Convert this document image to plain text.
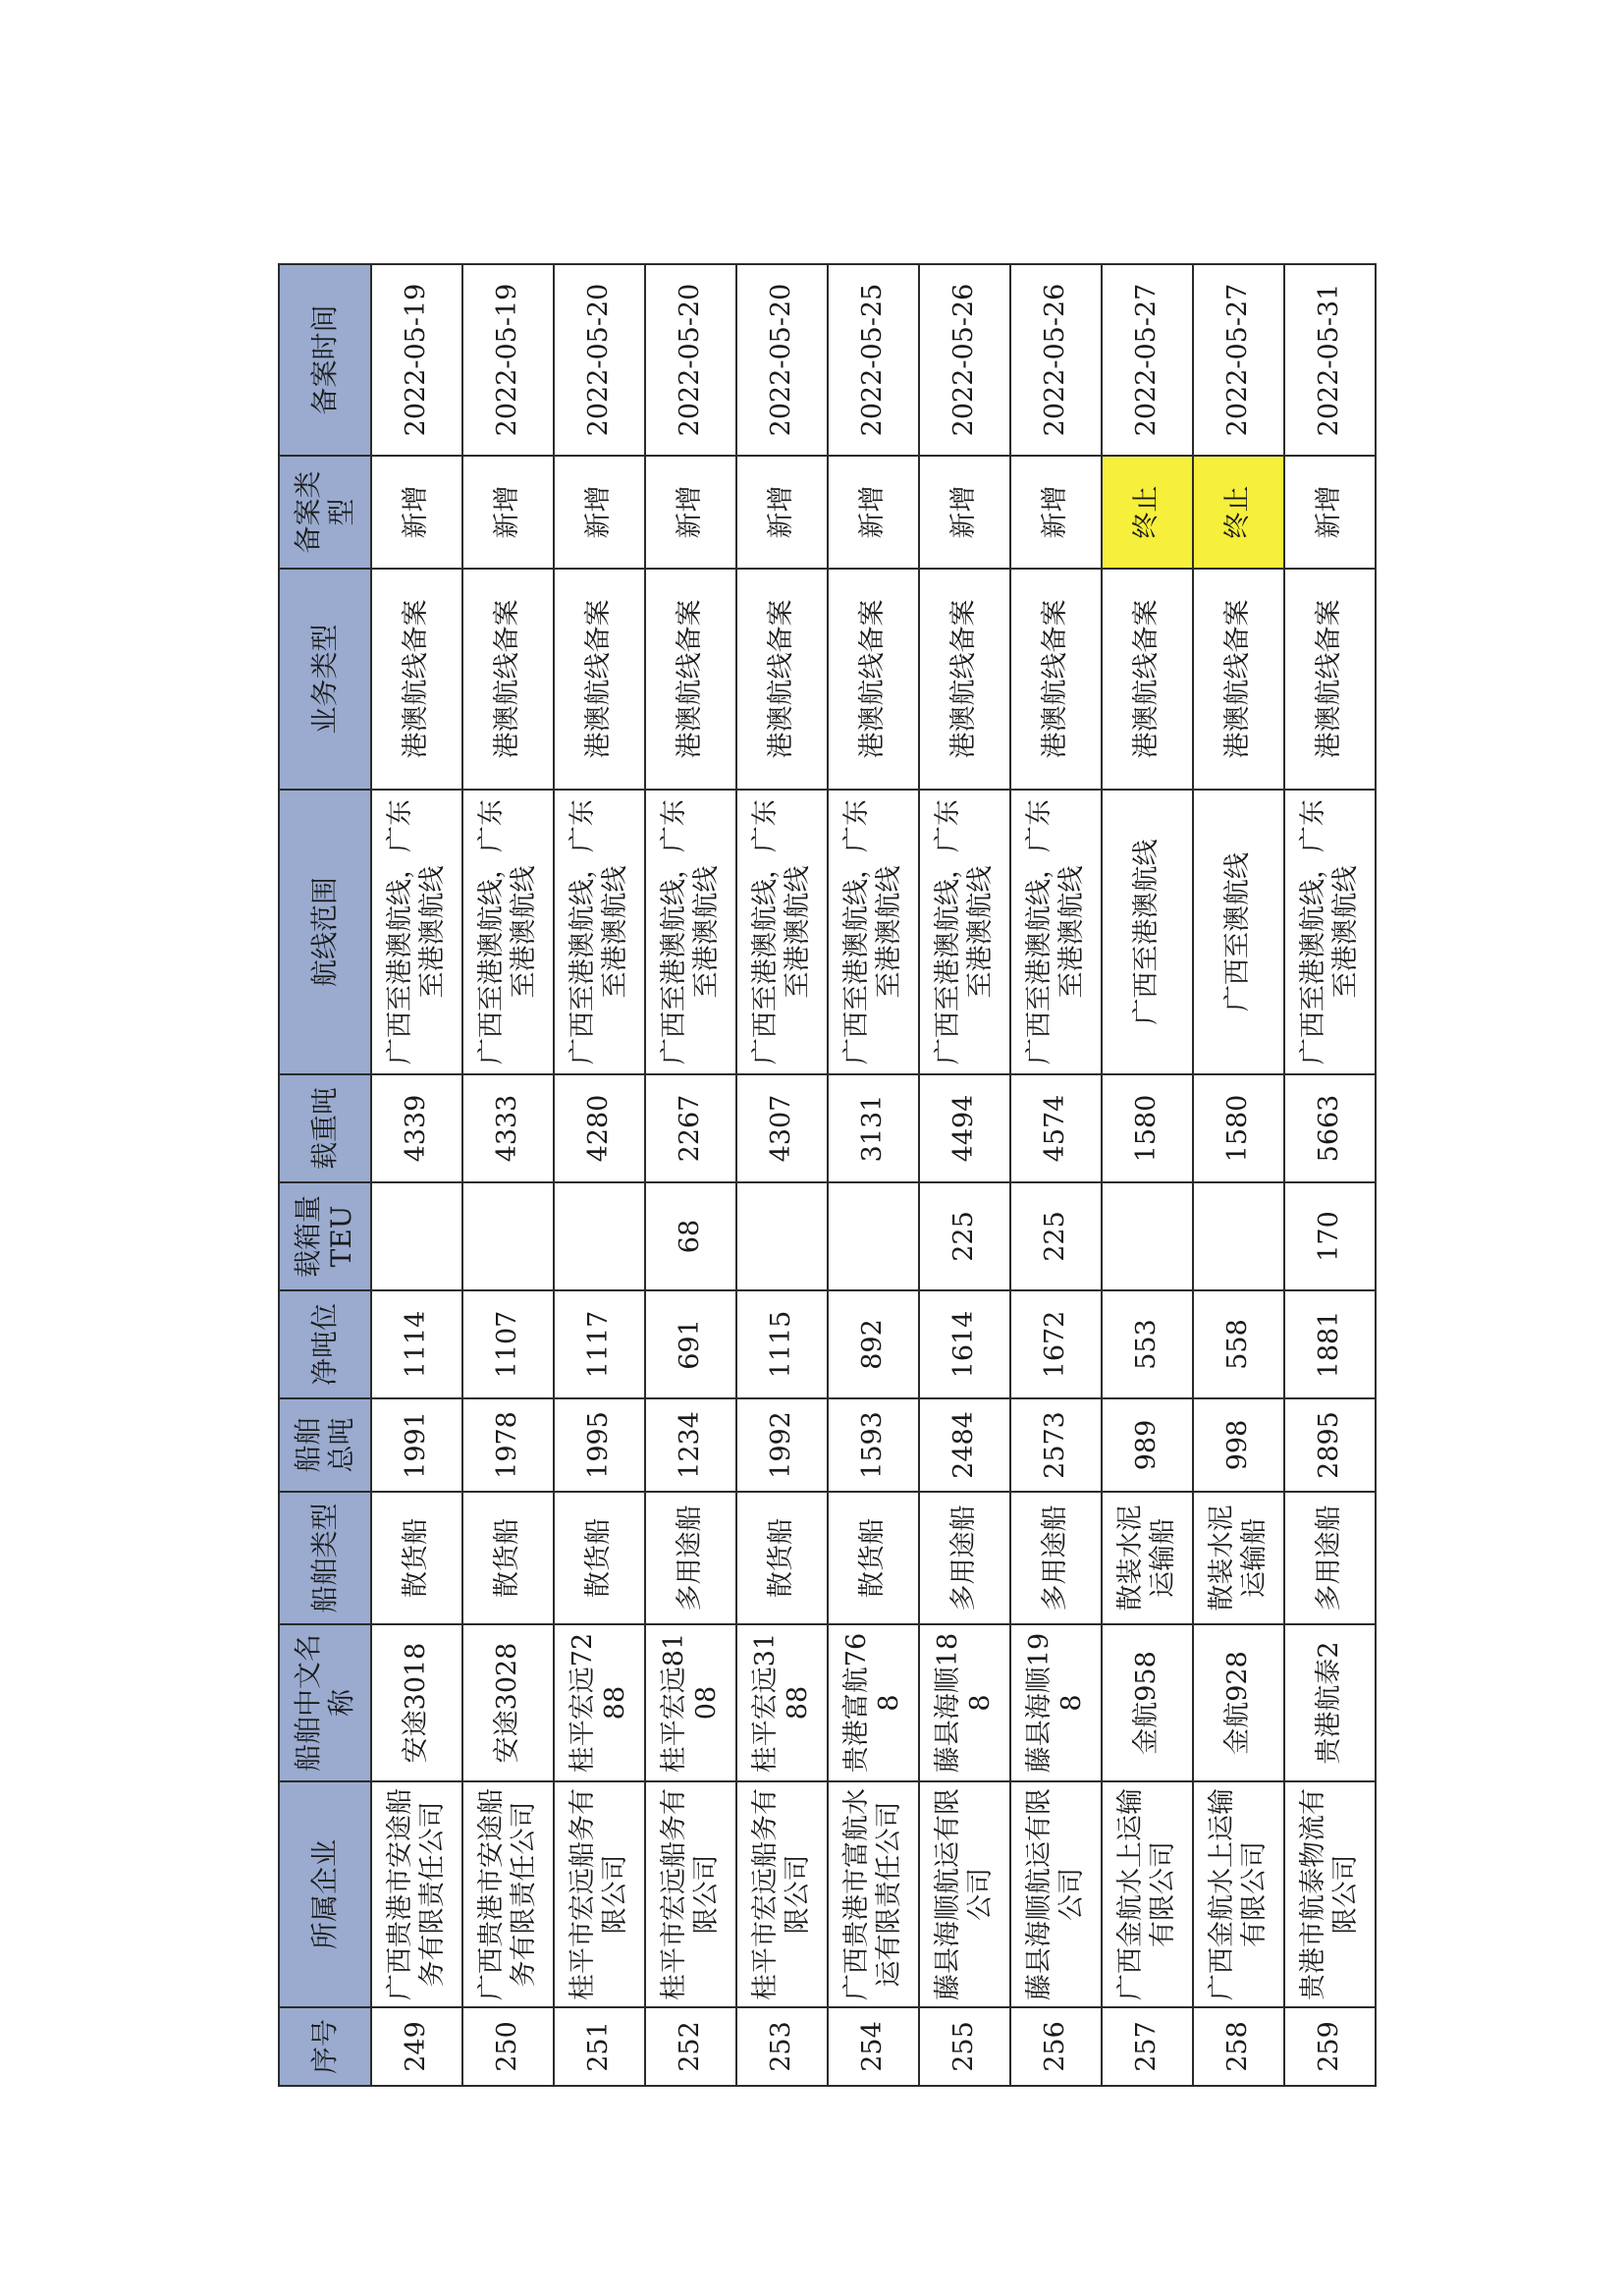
序号	所属企业	船舶中文名称	船舶类型	船舶总吨	净吨位	载箱量TEU	载重吨	航线范围	业务类型	备案类型	备案时间
249	广西贵港市安途船务有限责任公司	安途3018	散货船	1991	1114		4339	广西至港澳航线，广东至港澳航线	港澳航线备案	新增	2022-05-19
250	广西贵港市安途船务有限责任公司	安途3028	散货船	1978	1107		4333	广西至港澳航线，广东至港澳航线	港澳航线备案	新增	2022-05-19
251	桂平市宏远船务有限公司	桂平宏远7288	散货船	1995	1117		4280	广西至港澳航线，广东至港澳航线	港澳航线备案	新增	2022-05-20
252	桂平市宏远船务有限公司	桂平宏远8108	多用途船	1234	691	68	2267	广西至港澳航线，广东至港澳航线	港澳航线备案	新增	2022-05-20
253	桂平市宏远船务有限公司	桂平宏远3188	散货船	1992	1115		4307	广西至港澳航线，广东至港澳航线	港澳航线备案	新增	2022-05-20
254	广西贵港市富航水运有限责任公司	贵港富航768	散货船	1593	892		3131	广西至港澳航线，广东至港澳航线	港澳航线备案	新增	2022-05-25
255	藤县海顺航运有限公司	藤县海顺188	多用途船	2484	1614	225	4494	广西至港澳航线，广东至港澳航线	港澳航线备案	新增	2022-05-26
256	藤县海顺航运有限公司	藤县海顺198	多用途船	2573	1672	225	4574	广西至港澳航线，广东至港澳航线	港澳航线备案	新增	2022-05-26
257	广西金航水上运输有限公司	金航958	散装水泥运输船	989	553		1580	广西至港澳航线	港澳航线备案	终止	2022-05-27
258	广西金航水上运输有限公司	金航928	散装水泥运输船	998	558		1580	广西至澳航线	港澳航线备案	终止	2022-05-27
259	贵港市航泰物流有限公司	贵港航泰2	多用途船	2895	1881	170	5663	广西至港澳航线，广东至港澳航线	港澳航线备案	新增	2022-05-31
